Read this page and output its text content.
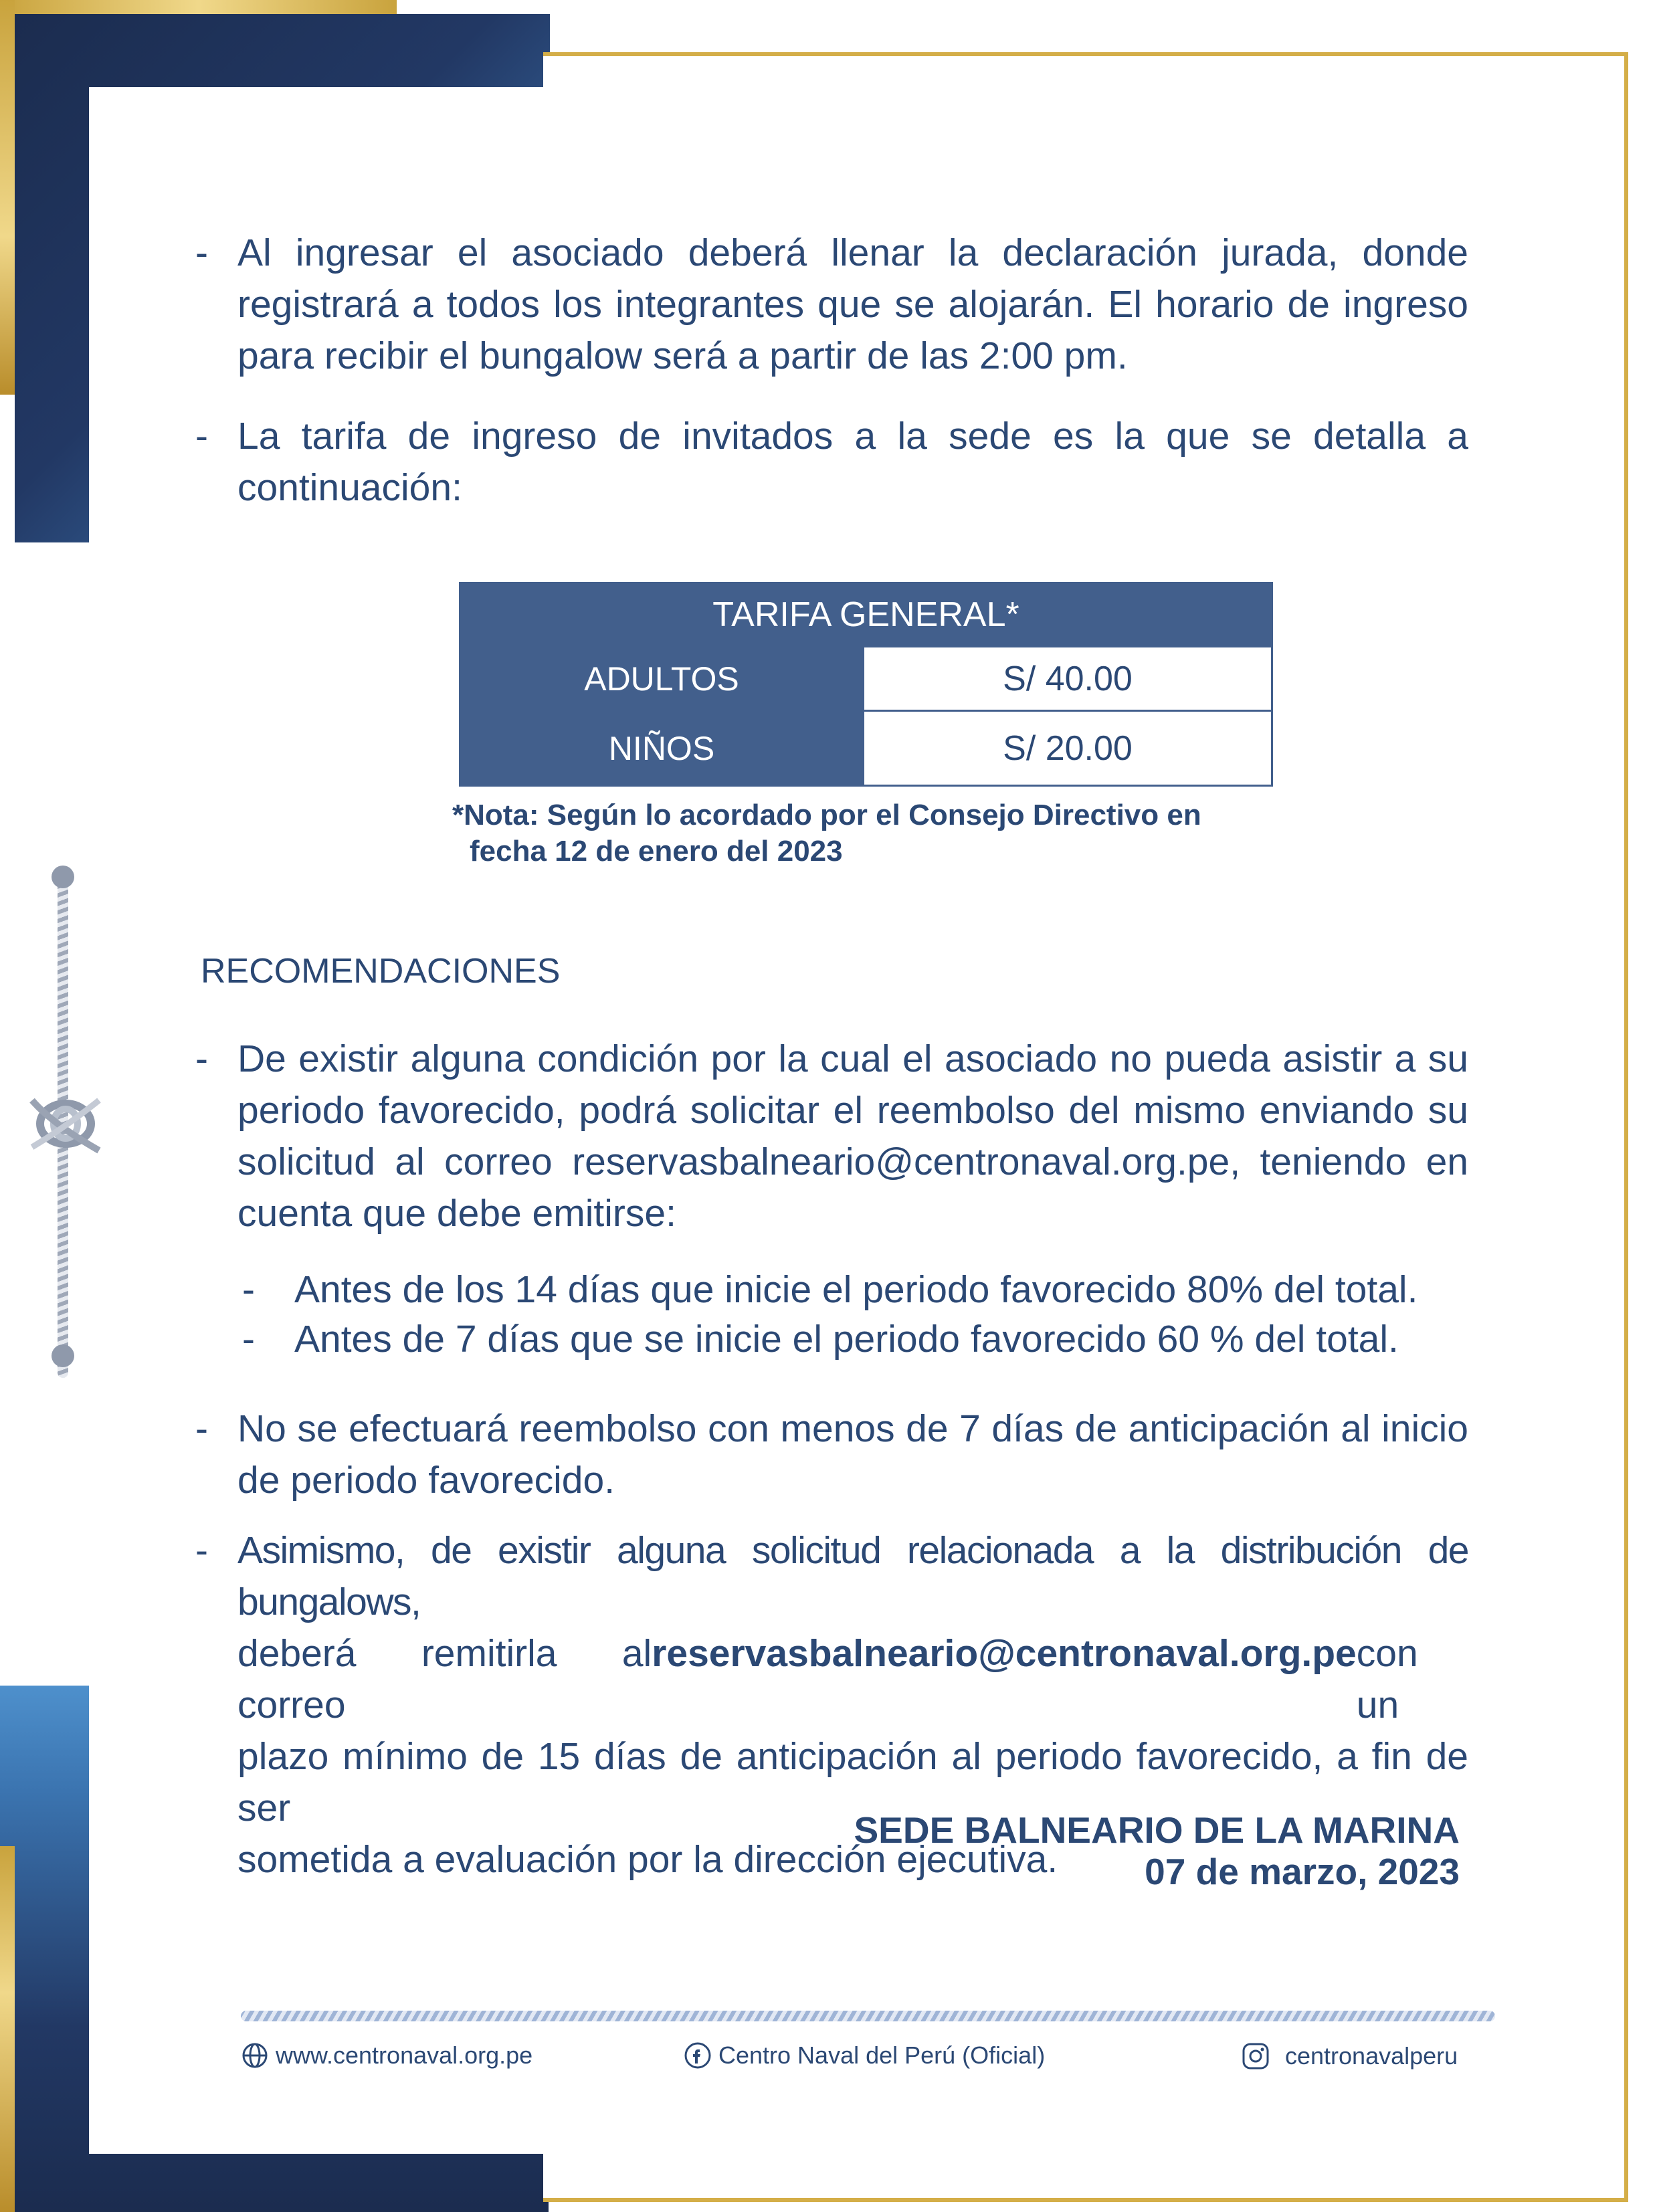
- Al ingresar el asociado deberá llenar la declaración jurada, donde
registrará a todos los integrantes que se alojarán. El horario de ingreso
para recibir el bungalow será a partir de las 2:00 pm.
- La tarifa de ingreso de invitados a la sede es la que se detalla a
continuación:
TARIFA GENERAL*	
ADULTOS	S/ 40.00
NIÑOS	S/ 20.00
*Nota: Según lo acordado por el Consejo Directivo en
fecha 12 de enero del 2023
RECOMENDACIONES
- De existir alguna condición por la cual el asociado no pueda asistir a su
periodo favorecido, podrá solicitar el reembolso del mismo enviando su
solicitud al correo reservasbalneario@centronaval.org.pe, teniendo en
cuenta que debe emitirse:
- Antes de los 14 días que inicie el periodo favorecido 80% del total.
- Antes de 7 días que se inicie el periodo favorecido 60 % del total.
- No se efectuará reembolso con menos de 7 días de anticipación al inicio
de periodo favorecido.
- Asimismo, de existir alguna solicitud relacionada a la distribución de bungalows,
deberá remitirla al correo
reservasbalneario@centronaval.org.pe con un
plazo mínimo de 15 días de anticipación al periodo favorecido, a fin de ser
sometida a evaluación por la dirección ejecutiva.
SEDE BALNEARIO DE LA MARINA
07 de marzo, 2023
www.centronaval.org.pe	Centro Naval del Perú (Oficial)	centronavalperu
